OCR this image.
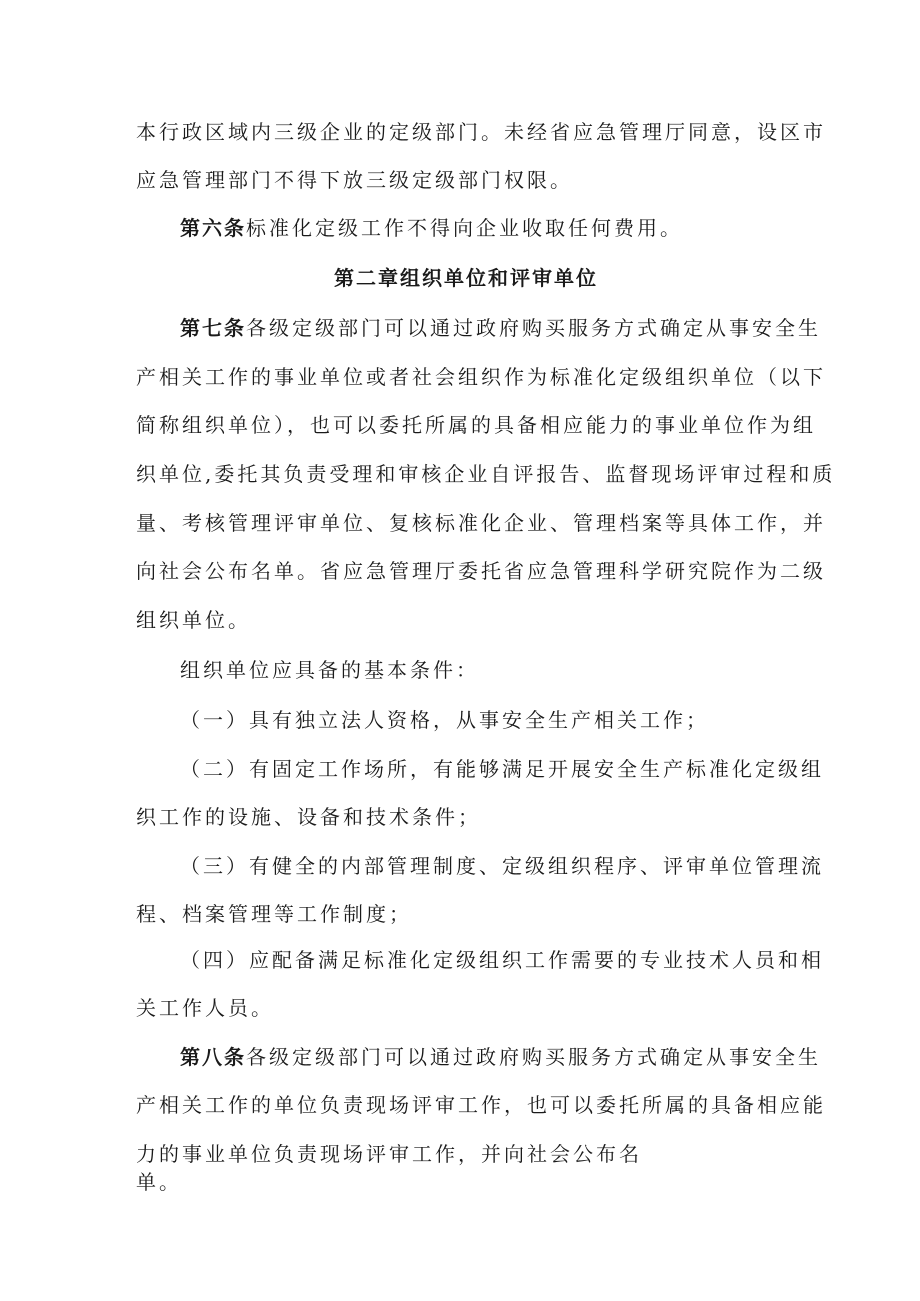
本行政区域内三级企业的定级部门。未经省应急管理厅同意，设区市
应急管理部门不得下放三级定级部门权限。
第六条标准化定级工作不得向企业收取任何费用。
第二章组织单位和评审单位
第七条各级定级部门可以通过政府购买服务方式确定从事安全生
产相关工作的事业单位或者社会组织作为标准化定级组织单位（以下
简称组织单位），也可以委托所属的具备相应能力的事业单位作为组
织单位,委托其负责受理和审核企业自评报告、监督现场评审过程和质
量、考核管理评审单位、复核标准化企业、管理档案等具体工作，并
向社会公布名单。省应急管理厅委托省应急管理科学研究院作为二级
组织单位。
组织单位应具备的基本条件：
（一）具有独立法人资格，从事安全生产相关工作；
（二）有固定工作场所，有能够满足开展安全生产标准化定级组
织工作的设施、设备和技术条件；
（三）有健全的内部管理制度、定级组织程序、评审单位管理流
程、档案管理等工作制度；
（四）应配备满足标准化定级组织工作需要的专业技术人员和相
关工作人员。
第八条各级定级部门可以通过政府购买服务方式确定从事安全生
产相关工作的单位负责现场评审工作，也可以委托所属的具备相应能
力的事业单位负责现场评审工作，并向社会公布名
单。
